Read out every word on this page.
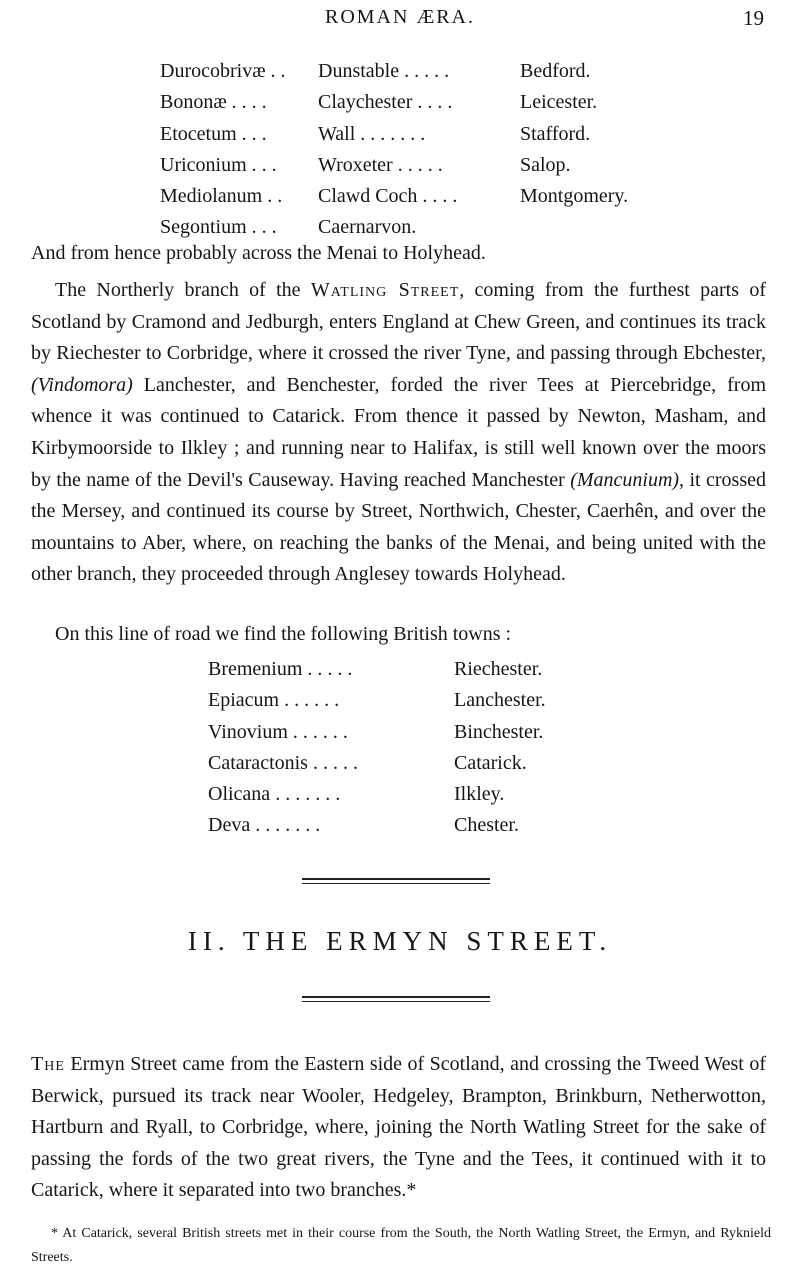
ROMAN ÆRA.	19
Durocobrivæ . .	Dunstable . . . . .	Bedford.
Bononæ . . . .	Claychester . . . .	Leicester.
Etocetum . . .	Wall . . . . . . .	Stafford.
Uriconium . . .	Wroxeter . . . . .	Salop.
Mediolanum . .	Clawd Coch . . . .	Montgomery.
Segontium . . .	Caernarvon.
And from hence probably across the Menai to Holyhead.

The Northerly branch of the Watling Street, coming from the furthest parts of Scotland by Cramond and Jedburgh, enters England at Chew Green, and continues its track by Riechester to Corbridge, where it crossed the river Tyne, and passing through Ebchester, (Vindomora) Lanchester, and Benchester, forded the river Tees at Piercebridge, from whence it was continued to Catarick. From thence it passed by Newton, Masham, and Kirbymoorside to Ilkley ; and running near to Halifax, is still well known over the moors by the name of the Devil's Causeway. Having reached Manchester (Mancunium), it crossed the Mersey, and continued its course by Street, Northwich, Chester, Caerhên, and over the mountains to Aber, where, on reaching the banks of the Menai, and being united with the other branch, they proceeded through Anglesey towards Holyhead.

On this line of road we find the following British towns :
Bremenium . . . . .	Riechester.
Epiacum . . . . . .	Lanchester.
Vinovium . . . . . .	Binchester.
Cataractonis . . . . .	Catarick.
Olicana . . . . . . .	Ilkley.
Deva . . . . . . .	Chester.
II. THE ERMYN STREET.

The Ermyn Street came from the Eastern side of Scotland, and crossing the Tweed West of Berwick, pursued its track near Wooler, Hedgeley, Brampton, Brinkburn, Netherwotton, Hartburn and Ryall, to Corbridge, where, joining the North Watling Street for the sake of passing the fords of the two great rivers, the Tyne and the Tees, it continued with it to Catarick, where it separated into two branches.*

* At Catarick, several British streets met in their course from the South, the North Watling Street, the Ermyn, and Ryknield Streets.
